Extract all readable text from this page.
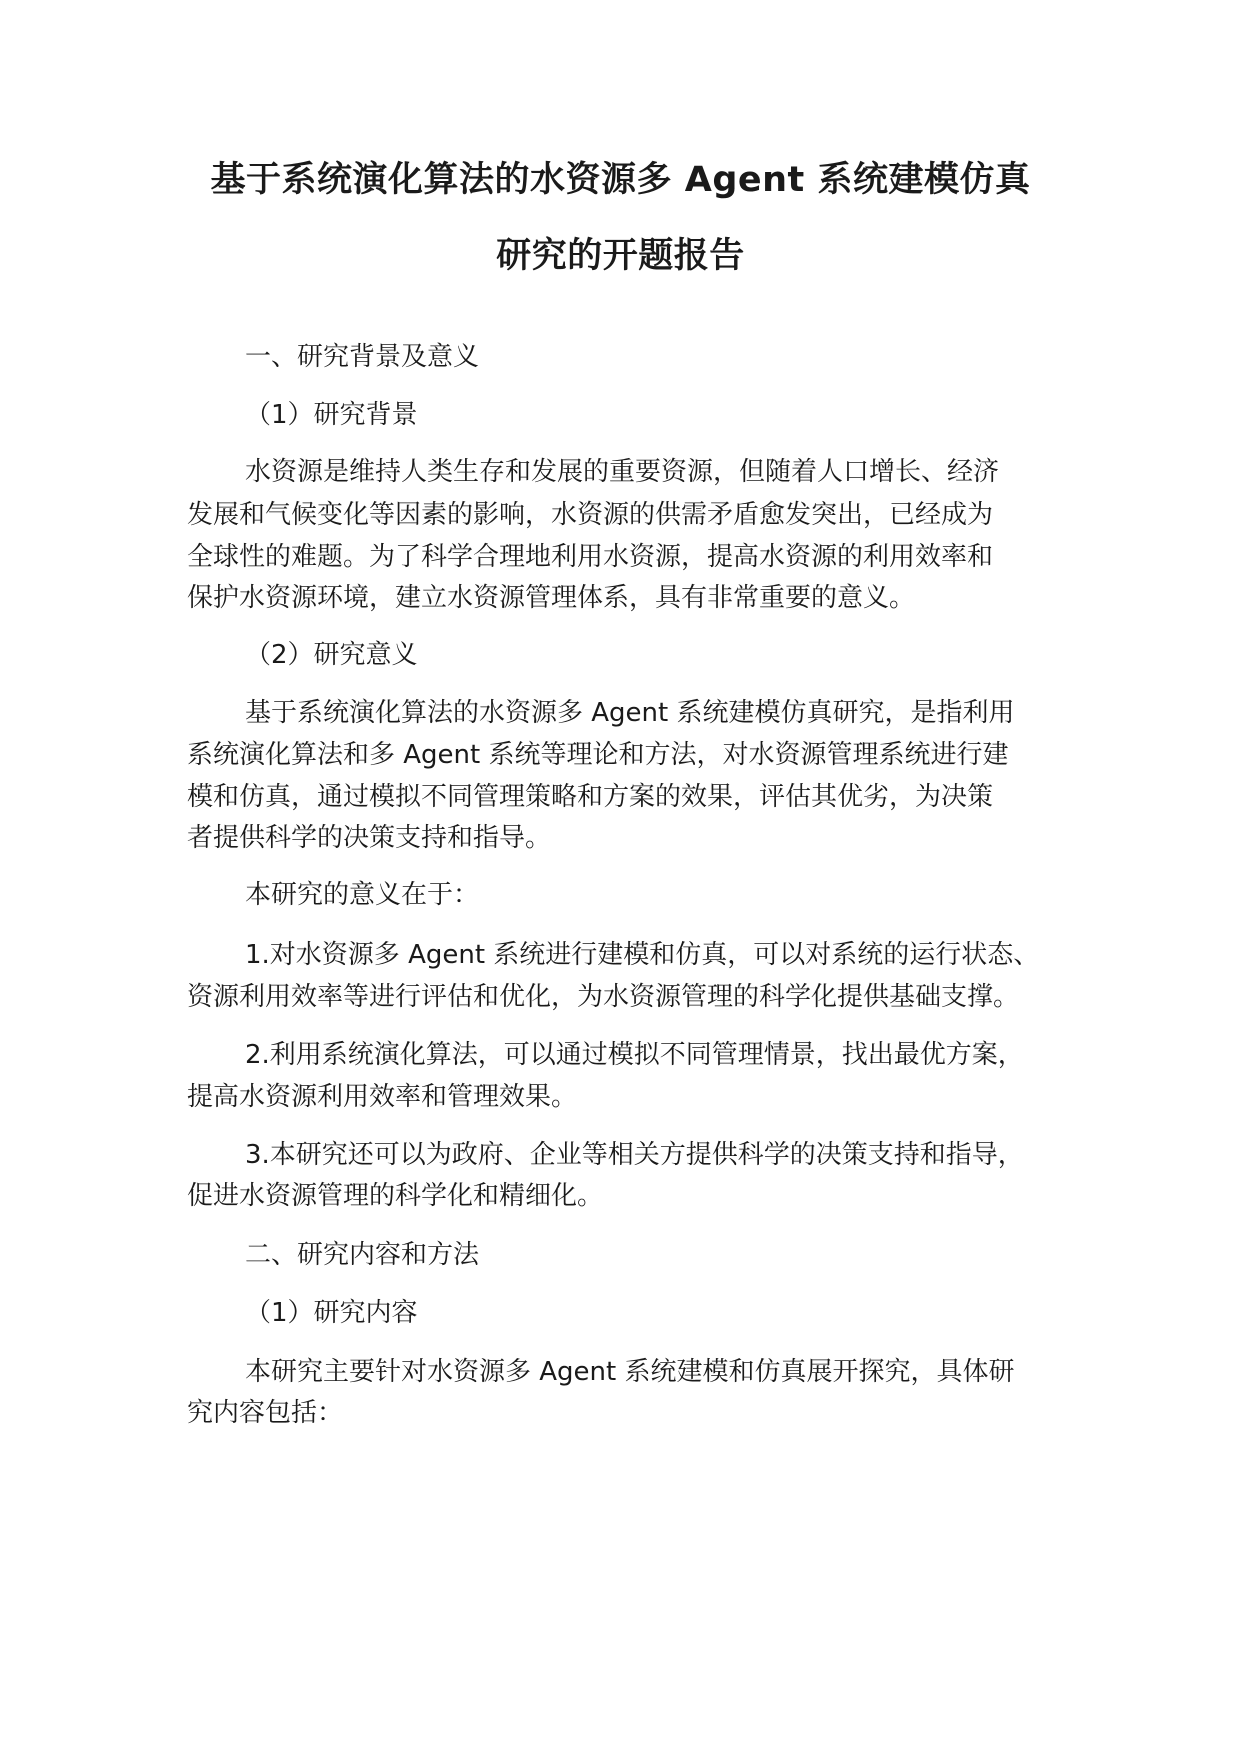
基于系统演化算法的水资源多 Agent 系统建模仿真
研究的开题报告
一、研究背景及意义
（1）研究背景
水资源是维持人类生存和发展的重要资源，但随着人口增长、经济
发展和气候变化等因素的影响，水资源的供需矛盾愈发突出，已经成为
全球性的难题。为了科学合理地利用水资源，提高水资源的利用效率和
保护水资源环境，建立水资源管理体系，具有非常重要的意义。
（2）研究意义
基于系统演化算法的水资源多 Agent 系统建模仿真研究，是指利用
系统演化算法和多 Agent 系统等理论和方法，对水资源管理系统进行建
模和仿真，通过模拟不同管理策略和方案的效果，评估其优劣，为决策
者提供科学的决策支持和指导。
本研究的意义在于：
1.对水资源多 Agent 系统进行建模和仿真，可以对系统的运行状态、
资源利用效率等进行评估和优化，为水资源管理的科学化提供基础支撑。
2.利用系统演化算法，可以通过模拟不同管理情景，找出最优方案，
提高水资源利用效率和管理效果。
3.本研究还可以为政府、企业等相关方提供科学的决策支持和指导，
促进水资源管理的科学化和精细化。
二、研究内容和方法
（1）研究内容
本研究主要针对水资源多 Agent 系统建模和仿真展开探究，具体研
究内容包括：
